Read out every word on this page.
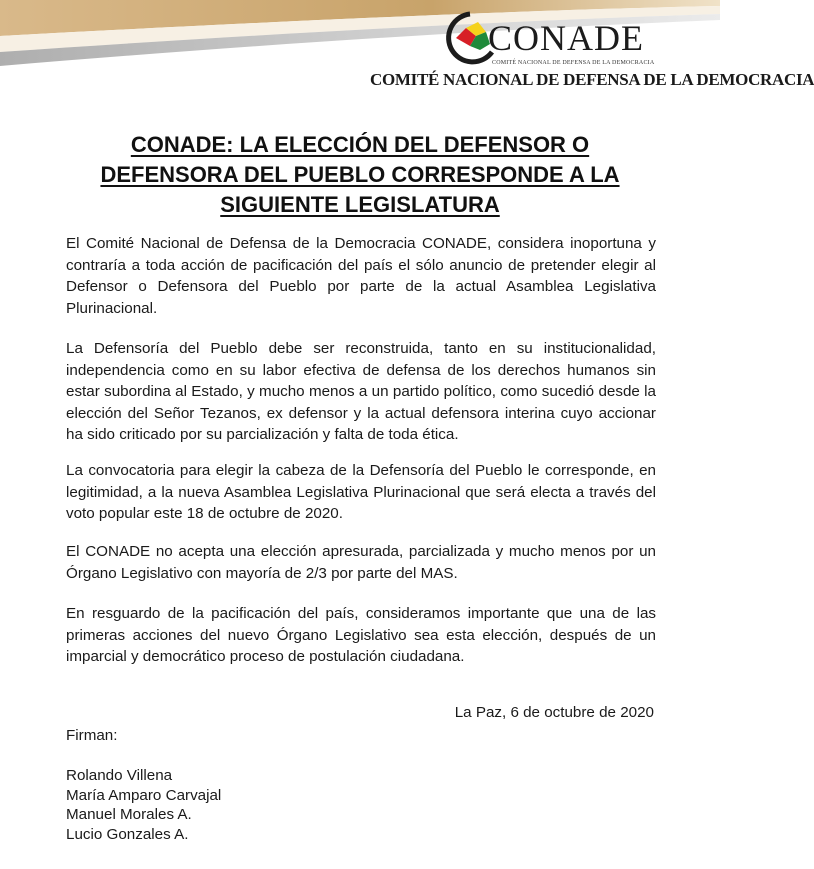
CONADE
COMITÉ NACIONAL DE DEFENSA DE LA DEMOCRACIA
COMITÉ NACIONAL DE DEFENSA DE LA DEMOCRACIA
CONADE: LA ELECCIÓN DEL DEFENSOR O DEFENSORA DEL PUEBLO CORRESPONDE A LA SIGUIENTE LEGISLATURA
El Comité Nacional de Defensa de la Democracia CONADE, considera inoportuna y contraría a toda acción de pacificación del país el sólo anuncio de pretender elegir al Defensor o Defensora del Pueblo por parte de la actual Asamblea Legislativa Plurinacional.
La Defensoría del Pueblo debe ser reconstruida, tanto en su institucionalidad, independencia como en su labor efectiva de defensa de los derechos humanos sin estar subordina al Estado, y mucho menos a un partido político, como sucedió desde la elección del Señor Tezanos, ex defensor y la actual defensora interina cuyo accionar ha sido criticado por su parcialización y falta de toda ética.
La convocatoria para elegir la cabeza de la Defensoría del Pueblo le corresponde, en legitimidad, a la nueva Asamblea Legislativa Plurinacional que será electa a través del voto popular este 18 de octubre de 2020.
El CONADE no acepta una elección apresurada, parcializada y mucho menos por un Órgano Legislativo con mayoría de 2/3 por parte del MAS.
En resguardo de la pacificación del país, consideramos importante que una de las primeras acciones del nuevo Órgano Legislativo sea esta elección, después de un imparcial y democrático proceso de postulación ciudadana.
La Paz, 6 de octubre de 2020
Firman:
Rolando Villena
María Amparo Carvajal
Manuel Morales A.
Lucio Gonzales A.
